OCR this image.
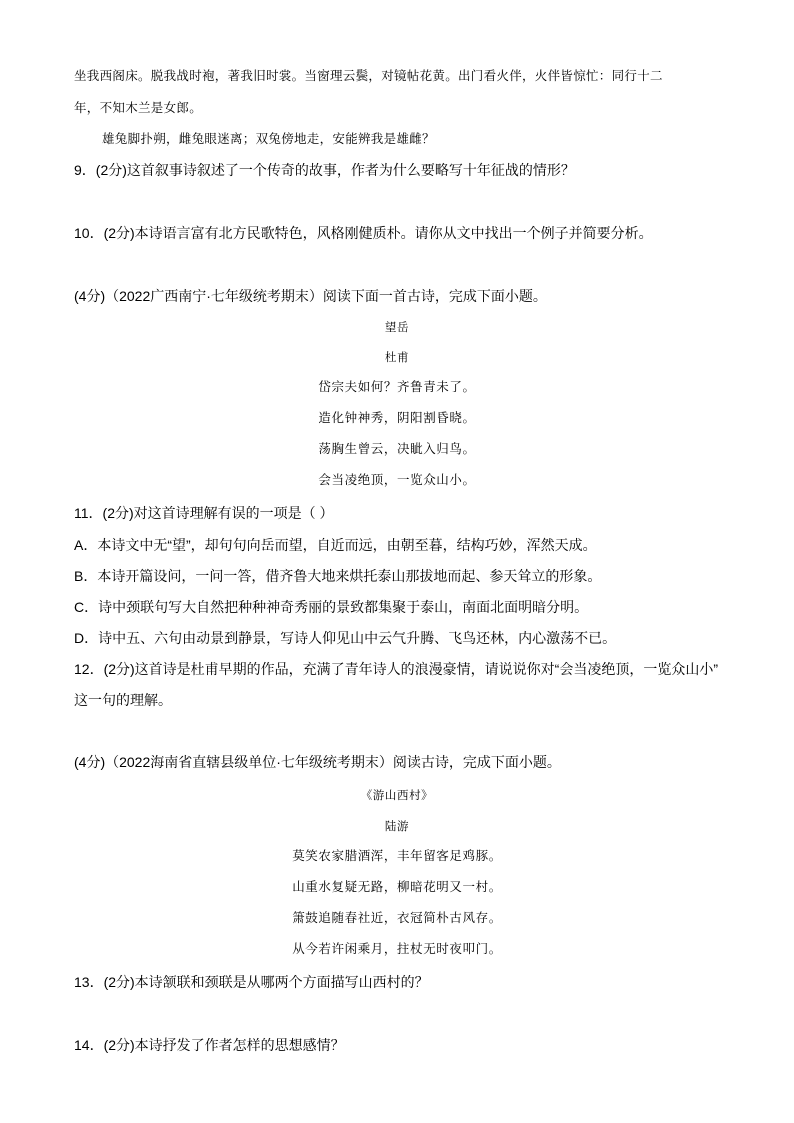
坐我西阁床。脱我战时袍，著我旧时裳。当窗理云鬓，对镜帖花黄。出门看火伴，火伴皆惊忙：同行十二
年，不知木兰是女郎。
雄兔脚扑朔，雌兔眼迷离；双兔傍地走，安能辨我是雄雌？
9．(2分)这首叙事诗叙述了一个传奇的故事，作者为什么要略写十年征战的情形？
10．(2分)本诗语言富有北方民歌特色，风格刚健质朴。请你从文中找出一个例子并简要分析。
(4分)（2022广西南宁·七年级统考期末）阅读下面一首古诗，完成下面小题。
望岳
杜甫
岱宗夫如何？齐鲁青未了。
造化钟神秀，阴阳割昏晓。
荡胸生曾云，决眦入归鸟。
会当凌绝顶，一览众山小。
11．(2分)对这首诗理解有误的一项是（ ）
A．本诗文中无“望”，却句句向岳而望，自近而远，由朝至暮，结构巧妙，浑然天成。
B．本诗开篇设问，一问一答，借齐鲁大地来烘托泰山那拔地而起、参天耸立的形象。
C．诗中颈联句写大自然把种种神奇秀丽的景致都集聚于泰山，南面北面明暗分明。
D．诗中五、六句由动景到静景，写诗人仰见山中云气升腾、飞鸟还林，内心激荡不已。
12．(2分)这首诗是杜甫早期的作品，充满了青年诗人的浪漫豪情，请说说你对“会当凌绝顶，一览众山小”
这一句的理解。
(4分)（2022海南省直辖县级单位·七年级统考期末）阅读古诗，完成下面小题。
《游山西村》
陆游
莫笑农家腊酒浑，丰年留客足鸡豚。
山重水复疑无路，柳暗花明又一村。
箫鼓追随春社近，衣冠简朴古风存。
从今若许闲乘月，拄杖无时夜叩门。
13．(2分)本诗颔联和颈联是从哪两个方面描写山西村的？
14．(2分)本诗抒发了作者怎样的思想感情？
